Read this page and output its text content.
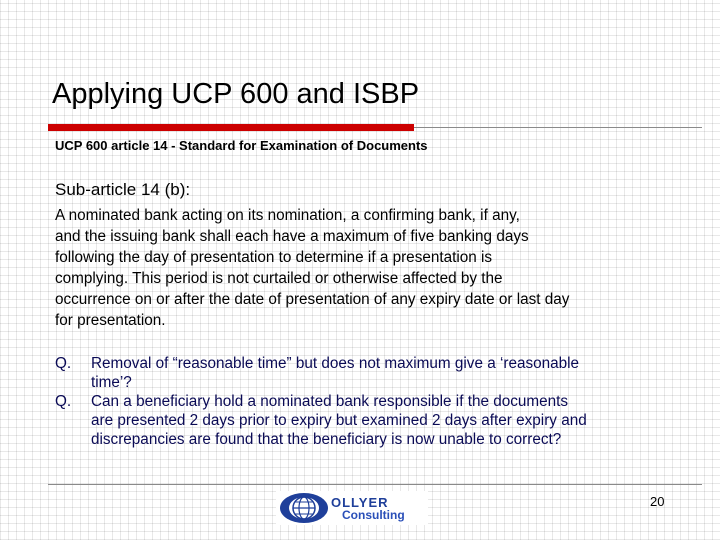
Applying UCP 600 and ISBP
UCP 600 article 14 - Standard for Examination of Documents
Sub-article 14 (b):
A nominated bank acting on its nomination, a confirming bank, if any,
and the issuing bank shall each have a maximum of five banking days
following the day of presentation to determine if a presentation is
complying. This period is not curtailed or otherwise affected by the
occurrence on or after the date of presentation of any expiry date or last day
for presentation.
Q. Removal of “reasonable time” but does not maximum give a ‘reasonable
time’?
Q. Can a beneficiary hold a nominated bank responsible if the documents
are presented 2 days prior to expiry but examined 2 days after expiry and
discrepancies are found that the beneficiary is now unable to correct?
OLLYER
Consulting
20
